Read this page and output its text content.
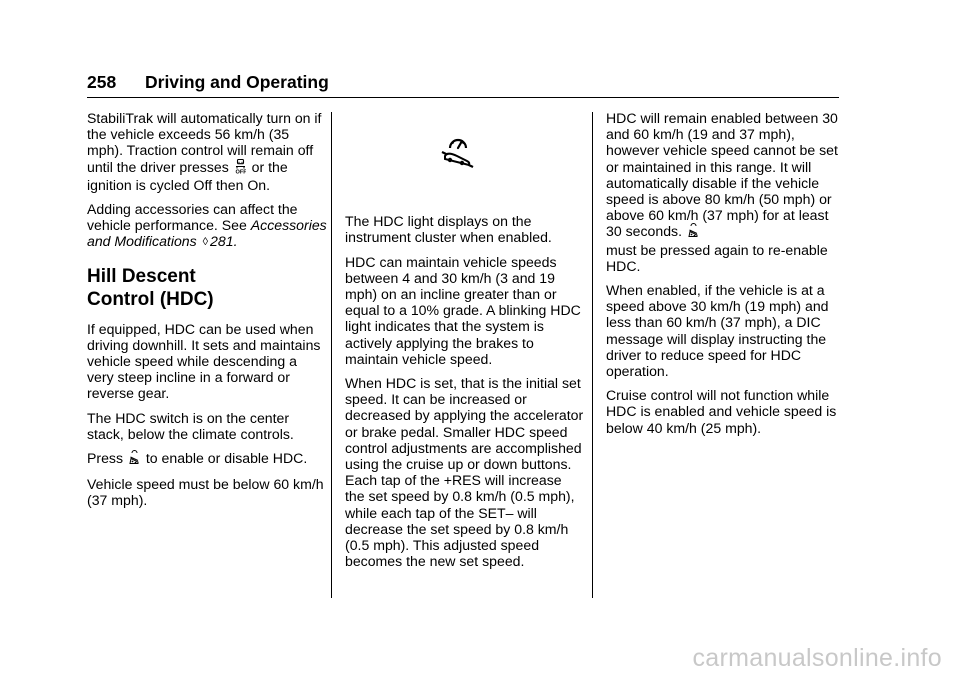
258 Driving and Operating

StabiliTrak will automatically turn on if the vehicle exceeds 56 km/h (35 mph). Traction control will remain off until the driver presses OFF or the ignition is cycled Off then On.

Adding accessories can affect the vehicle performance. See Accessories and Modifications ◊ 281.

Hill Descent
Control (HDC)

If equipped, HDC can be used when driving downhill. It sets and maintains vehicle speed while descending a very steep incline in a forward or reverse gear.

The HDC switch is on the center stack, below the climate controls.

Press to enable or disable HDC.

Vehicle speed must be below 60 km/h (37 mph).

The HDC light displays on the instrument cluster when enabled.

HDC can maintain vehicle speeds between 4 and 30 km/h (3 and 19 mph) on an incline greater than or equal to a 10% grade. A blinking HDC light indicates that the system is actively applying the brakes to maintain vehicle speed.

When HDC is set, that is the initial set speed. It can be increased or decreased by applying the accelerator or brake pedal. Smaller HDC speed control adjustments are accomplished using the cruise up or down buttons. Each tap of the +RES will increase the set speed by 0.8 km/h (0.5 mph), while each tap of the SET– will decrease the set speed by 0.8 km/h (0.5 mph). This adjusted speed becomes the new set speed.

HDC will remain enabled between 30 and 60 km/h (19 and 37 mph), however vehicle speed cannot be set or maintained in this range. It will automatically disable if the vehicle speed is above 80 km/h (50 mph) or above 60 km/h (37 mph) for at least 30 seconds.
must be pressed again to re-enable HDC.

When enabled, if the vehicle is at a speed above 30 km/h (19 mph) and less than 60 km/h (37 mph), a DIC message will display instructing the driver to reduce speed for HDC operation.

Cruise control will not function while HDC is enabled and vehicle speed is below 40 km/h (25 mph).

carmanualsonline.info
